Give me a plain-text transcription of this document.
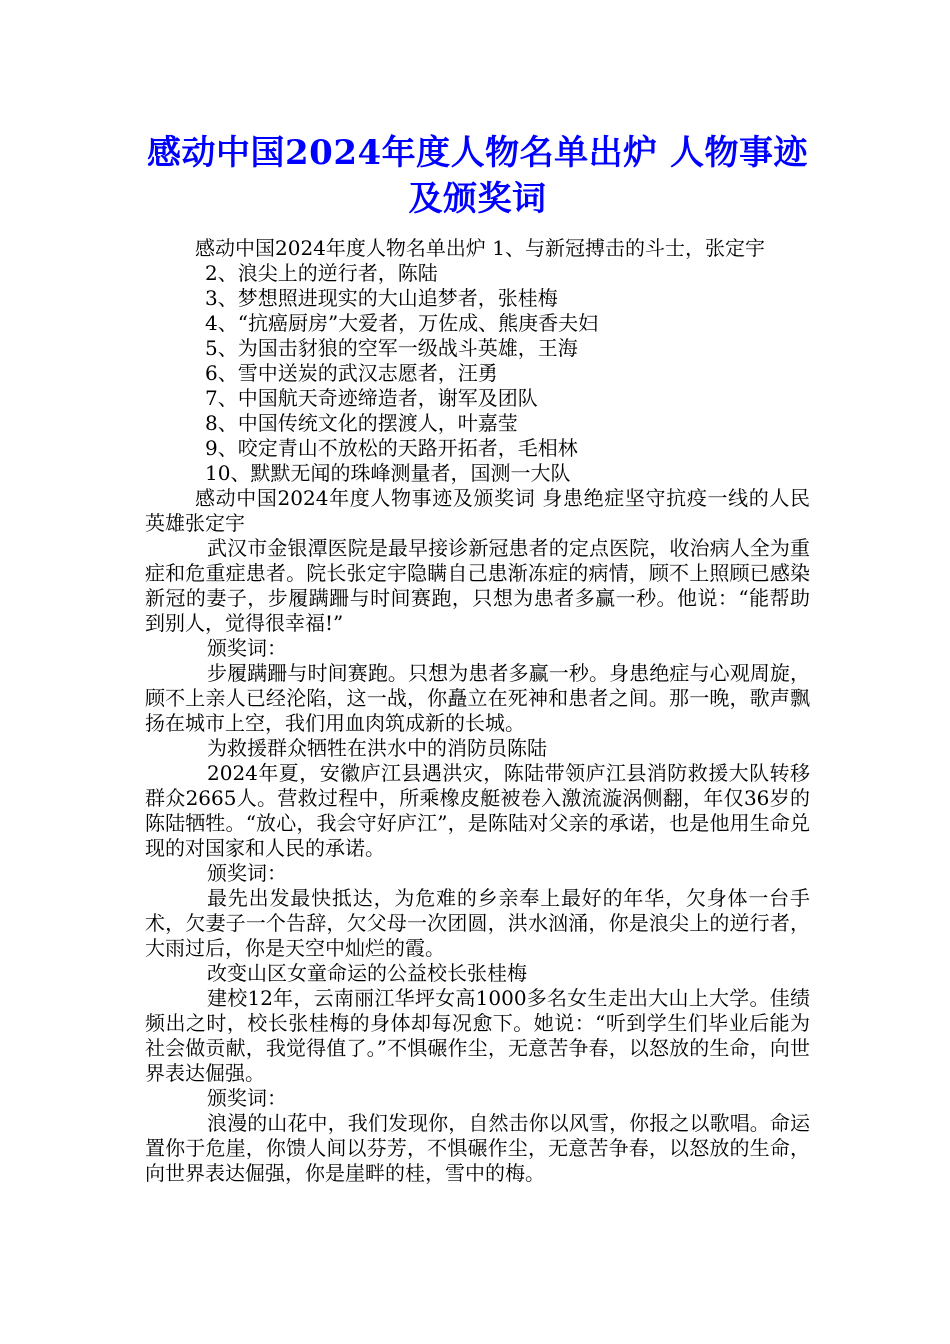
感动中国2024年度人物名单出炉 人物事迹及颁奖词

感动中国2024年度人物名单出炉 1、与新冠搏击的斗士，张定宇

2、浪尖上的逆行者，陈陆

3、梦想照进现实的大山追梦者，张桂梅

4、“抗癌厨房”大爱者，万佐成、熊庚香夫妇

5、为国击豺狼的空军一级战斗英雄，王海

6、雪中送炭的武汉志愿者，汪勇

7、中国航天奇迹缔造者，谢军及团队

8、中国传统文化的摆渡人，叶嘉莹

9、咬定青山不放松的天路开拓者，毛相林

10、默默无闻的珠峰测量者，国测一大队

感动中国2024年度人物事迹及颁奖词 身患绝症坚守抗疫一线的人民英雄张定宇

武汉市金银潭医院是最早接诊新冠患者的定点医院，收治病人全为重症和危重症患者。院长张定宇隐瞒自己患渐冻症的病情，顾不上照顾已感染新冠的妻子，步履蹒跚与时间赛跑，只想为患者多赢一秒。他说：“能帮助到别人，觉得很幸福!”

颁奖词：

步履蹒跚与时间赛跑。只想为患者多赢一秒。身患绝症与心观周旋，顾不上亲人已经沦陷，这一战，你矗立在死神和患者之间。那一晚，歌声飘扬在城市上空，我们用血肉筑成新的长城。

为救援群众牺牲在洪水中的消防员陈陆

2024年夏，安徽庐江县遇洪灾，陈陆带领庐江县消防救援大队转移群众2665人。营救过程中，所乘橡皮艇被卷入激流漩涡侧翻，年仅36岁的陈陆牺牲。“放心，我会守好庐江”，是陈陆对父亲的承诺，也是他用生命兑现的对国家和人民的承诺。

颁奖词：

最先出发最快抵达，为危难的乡亲奉上最好的年华，欠身体一台手术，欠妻子一个告辞，欠父母一次团圆，洪水汹涌，你是浪尖上的逆行者，大雨过后，你是天空中灿烂的霞。

改变山区女童命运的公益校长张桂梅

建校12年，云南丽江华坪女高1000多名女生走出大山上大学。佳绩频出之时，校长张桂梅的身体却每况愈下。她说：“听到学生们毕业后能为社会做贡献，我觉得值了。”不惧碾作尘，无意苦争春，以怒放的生命，向世界表达倔强。

颁奖词：

浪漫的山花中，我们发现你，自然击你以风雪，你报之以歌唱。命运置你于危崖，你馈人间以芬芳，不惧碾作尘，无意苦争春，以怒放的生命，向世界表达倔强，你是崖畔的桂，雪中的梅。
